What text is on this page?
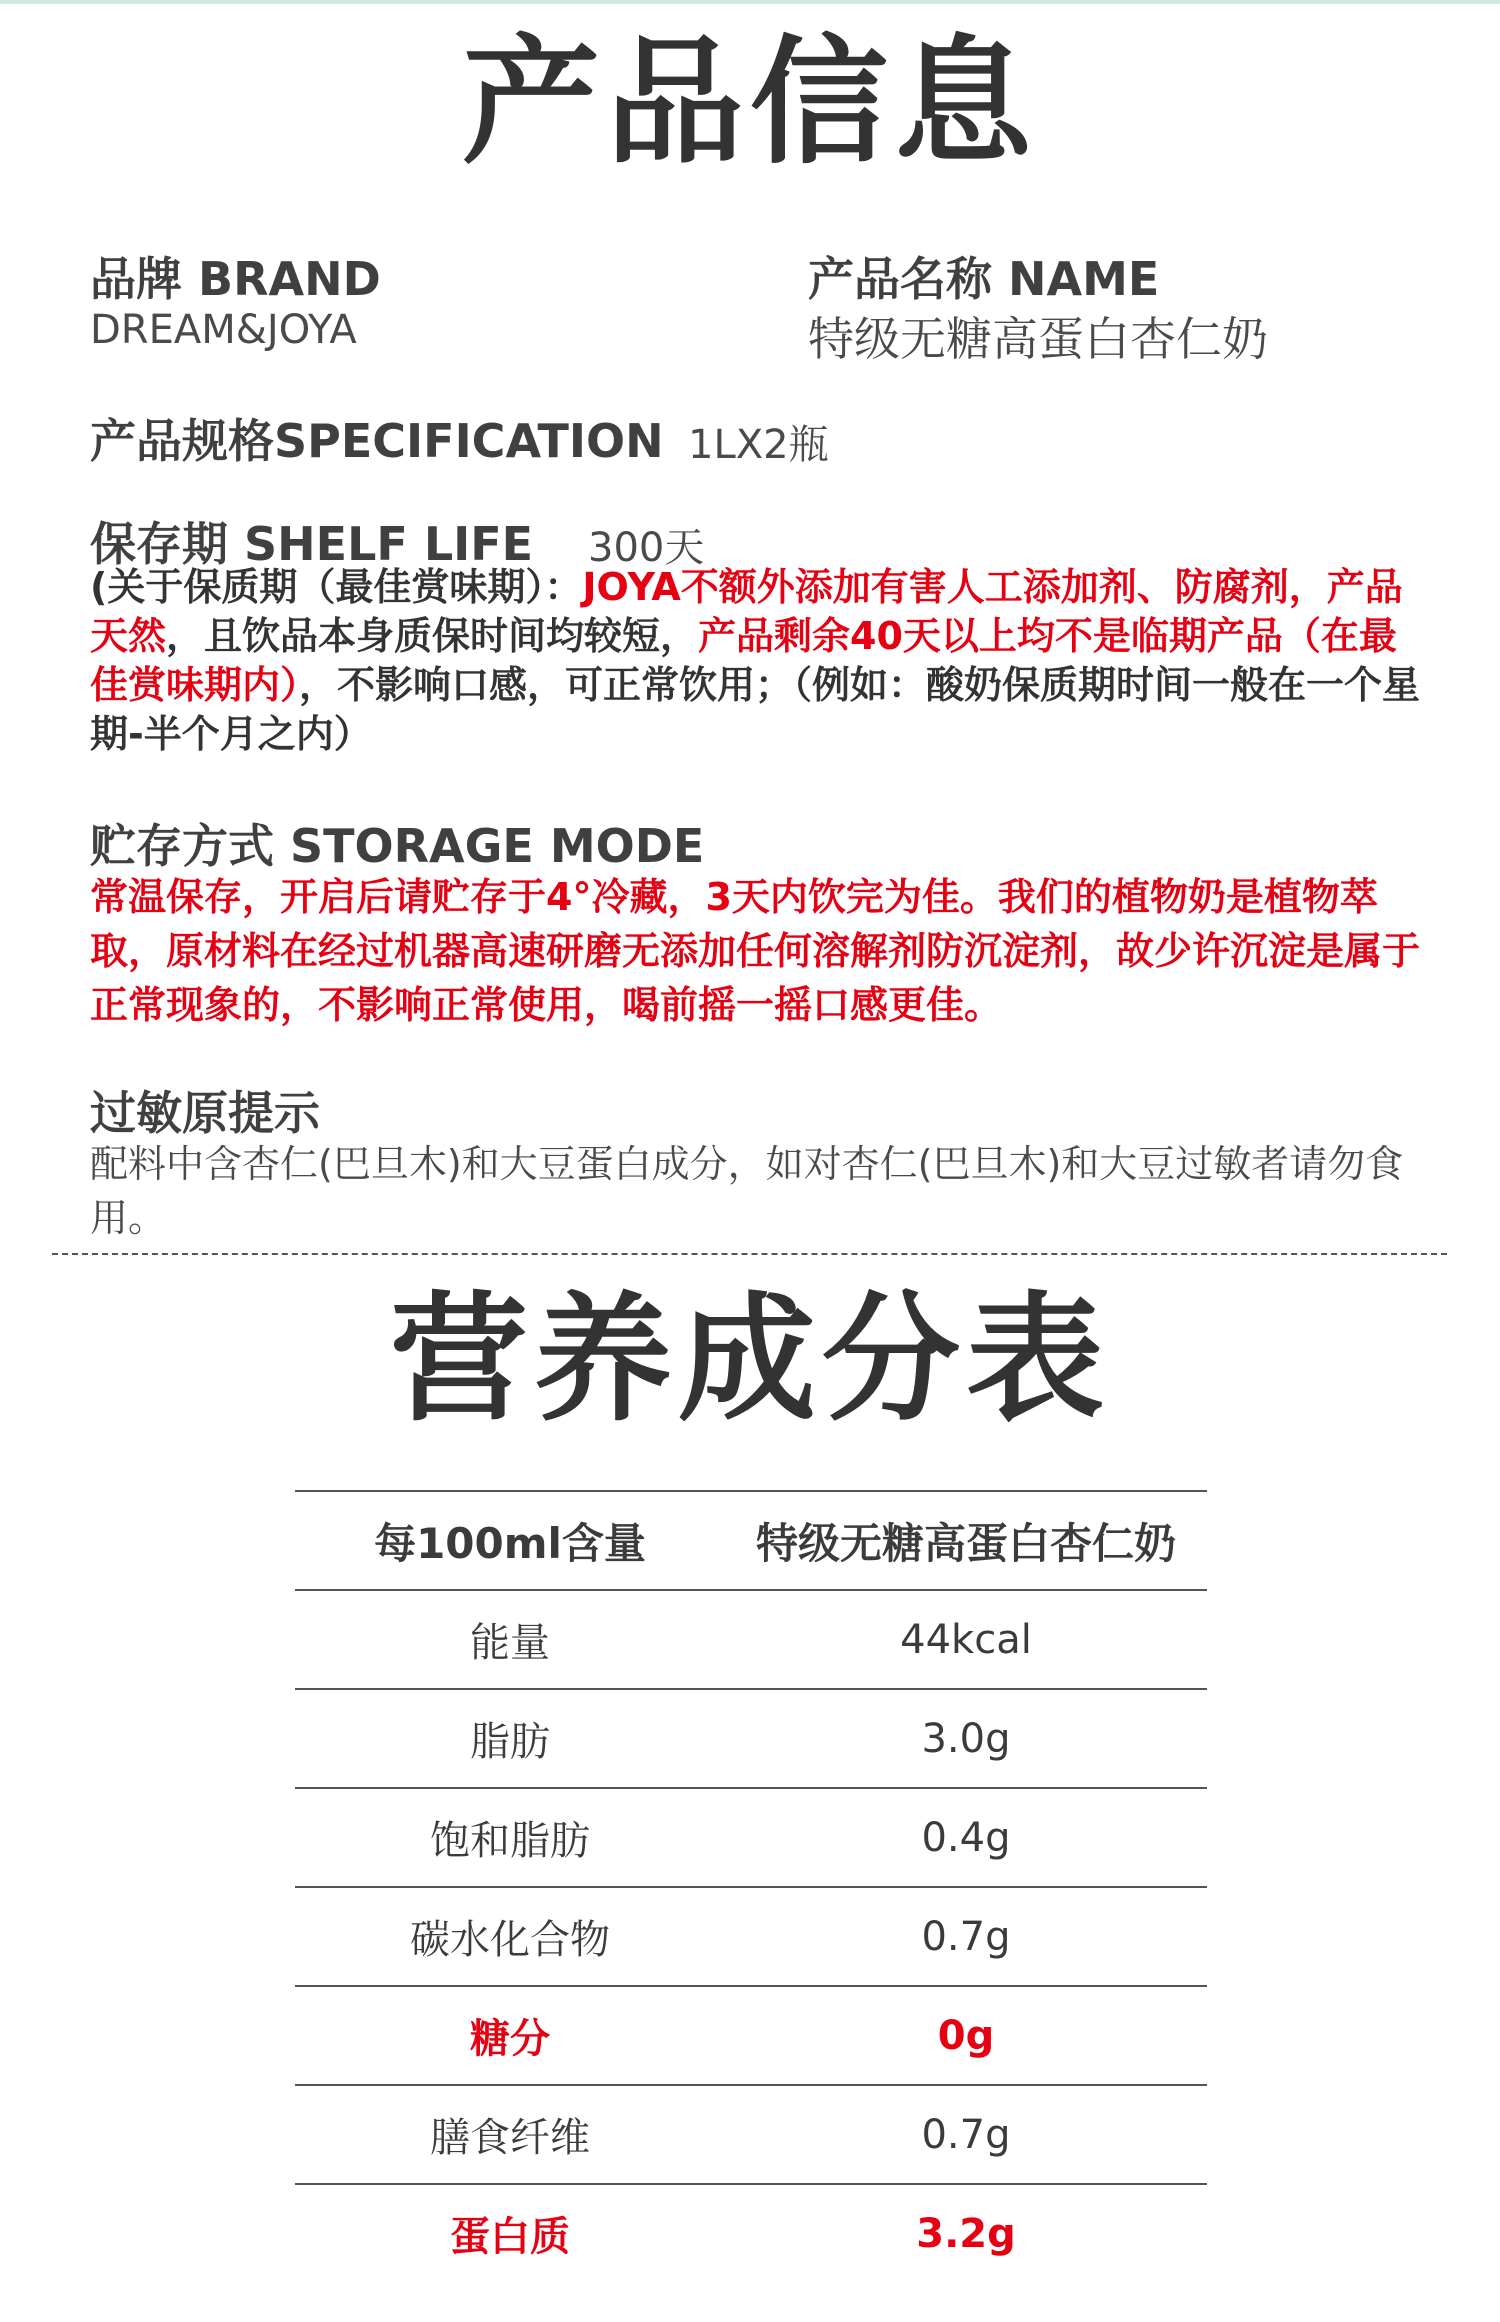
产品信息
品牌 BRAND
DREAM&JOYA
产品名称 NAME
特级无糖高蛋白杏仁奶
产品规格SPECIFICATION 1LX2瓶
保存期 SHELF LIFE 300天
(关于保质期（最佳赏味期）：JOYA不额外添加有害人工添加剂、防腐剂，产品天然，且饮品本身质保时间均较短，产品剩余40天以上均不是临期产品（在最佳赏味期内），不影响口感，可正常饮用；（例如：酸奶保质期时间一般在一个星期-半个月之内）
贮存方式 STORAGE MODE
常温保存，开启后请贮存于4°冷藏，3天内饮完为佳。我们的植物奶是植物萃取，原材料在经过机器高速研磨无添加任何溶解剂防沉淀剂，故少许沉淀是属于正常现象的，不影响正常使用，喝前摇一摇口感更佳。
过敏原提示
配料中含杏仁(巴旦木)和大豆蛋白成分，如对杏仁(巴旦木)和大豆过敏者请勿食用。
营养成分表
每100ml含量	特级无糖高蛋白杏仁奶
能量	44kcal
脂肪	3.0g
饱和脂肪	0.4g
碳水化合物	0.7g
糖分	0g
膳食纤维	0.7g
蛋白质	3.2g
